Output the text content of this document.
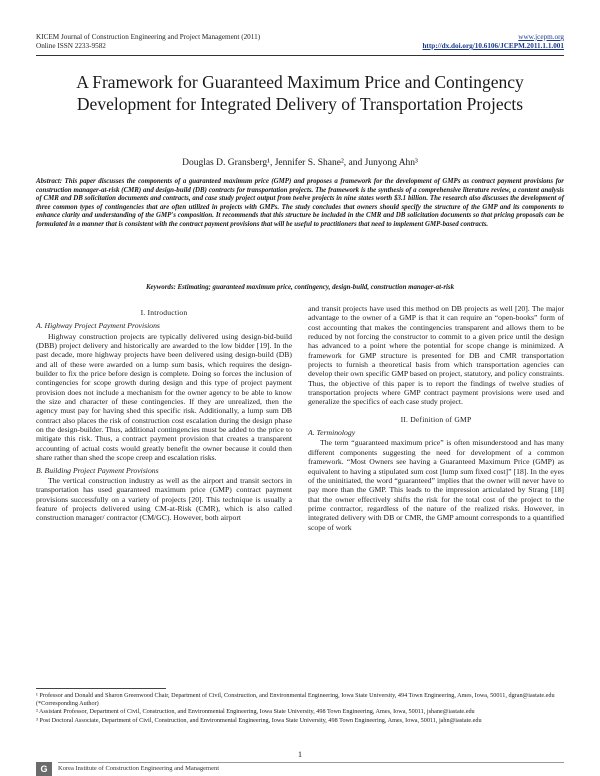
KICEM Journal of Construction Engineering and Project Management (2011)
Online ISSN 2233-9582
www.jcepm.org
http://dx.doi.org/10.6106/JCEPM.2011.1.1.001
A Framework for Guaranteed Maximum Price and Contingency Development for Integrated Delivery of Transportation Projects
Douglas D. Gransberg¹, Jennifer S. Shane², and Junyong Ahn³
Abstract: This paper discusses the components of a guaranteed maximum price (GMP) and proposes a framework for the development of GMPs as contract payment provisions for construction manager-at-risk (CMR) and design-build (DB) contracts for transportation projects. The framework is the synthesis of a comprehensive literature review, a content analysis of CMR and DB solicitation documents and contracts, and case study project output from twelve projects in nine states worth $3.1 billion. The research also discusses the development of three common types of contingencies that are often utilized in projects with GMPs. The study concludes that owners should specify the structure of the GMP and its components to enhance clarity and understanding of the GMP's composition. It recommends that this structure be included in the CMR and DB solicitation documents so that pricing proposals can be formulated in a manner that is consistent with the contract payment provisions that will be useful to practitioners that need to implement GMP-based contracts.
Keywords: Estimating; guaranteed maximum price, contingency, design-build, construction manager-at-risk
I. Introduction
A. Highway Project Payment Provisions

Highway construction projects are typically delivered using design-bid-build (DBB) project delivery and historically are awarded to the low bidder [19]. In the past decade, more highway projects have been delivered using design-build (DB) and all of these were awarded on a lump sum basis, which requires the design-builder to fix the price before design is complete. Doing so forces the inclusion of contingencies for scope growth during design and this type of project payment provision does not include a mechanism for the owner agency to be able to know the size and character of these contingencies. If they are unrealized, then the agency must pay for having shed this specific risk. Additionally, a lump sum DB contract also places the risk of construction cost escalation during the design phase on the design-builder. Thus, additional contingencies must be added to the price to mitigate this risk. Thus, a contract payment provision that creates a transparent accounting of actual costs would greatly benefit the owner because it could then share rather than shed the scope creep and escalation risks.

B. Building Project Payment Provisions

The vertical construction industry as well as the airport and transit sectors in transportation has used guaranteed maximum price (GMP) contract payment provisions successfully on a variety of projects [20]. This technique is usually a feature of projects delivered using CM-at-Risk (CMR), which is also called construction manager/ contractor (CM/GC). However, both airport

and transit projects have used this method on DB projects as well [20]. The major advantage to the owner of a GMP is that it can require an “open-books” form of cost accounting that makes the contingencies transparent and allows them to be reduced by not forcing the constructor to commit to a given price until the design has advanced to a point where the potential for scope change is minimized. A framework for GMP structure is presented for DB and CMR transportation projects to furnish a theoretical basis from which transportation agencies can develop their own specific GMP based on project, statutory, and policy constraints. Thus, the objective of this paper is to report the findings of twelve studies of transportation projects where GMP contract payment provisions were used and generalize the specifics of each case study project.

II. Definition of GMP
A. Terminology

The term “guaranteed maximum price” is often misunderstood and has many different components suggesting the need for development of a common framework. “Most Owners see having a Guaranteed Maximum Price (GMP) as equivalent to having a stipulated sum cost [lump sum fixed cost]” [18]. In the eyes of the uninitiated, the word “guaranteed” implies that the owner will never have to pay more than the GMP. This leads to the impression articulated by Strang [18] that the owner effectively shifts the risk for the total cost of the project to the prime contractor, regardless of the nature of the realized risks. However, in integrated delivery with DB or CMR, the GMP amount corresponds to a quantified scope of work

¹ Professor and Donald and Sharon Greenwood Chair, Department of Civil, Construction, and Environmental Engineering, Iowa State University, 494 Town Engineering, Ames, Iowa, 50011, dgran@iastate.edu (*Corresponding Author)
² Assistant Professor, Department of Civil, Construction, and Environmental Engineering, Iowa State University, 498 Town Engineering, Ames, Iowa, 50011, jshane@iastate.edu
³ Post Doctoral Associate, Department of Civil, Construction, and Environmental Engineering, Iowa State University, 498 Town Engineering, Ames, Iowa, 50011, jahn@iastate.edu
1
G	Korea Institute of Construction Engineering and Management
